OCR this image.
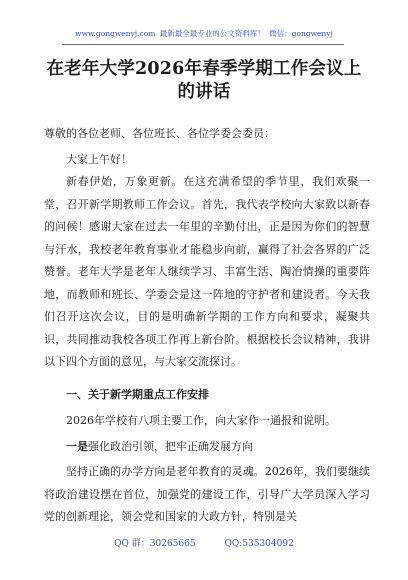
www.gongwenyj.com 最新最全最专业的公文资料库！ 微信：gongwenyj
在老年大学2026年春季学期工作会议上的讲话
尊敬的各位老师、各位班长、各位学委会委员：
大家上午好！
新春伊始，万象更新。在这充满希望的季节里，我们欢聚一堂，召开新学期教师工作会议。首先，我代表学校向大家致以新春的问候！感谢大家在过去一年里的辛勤付出，正是因为你们的智慧与汗水，我校老年教育事业才能稳步向前，赢得了社会各界的广泛赞誉。老年大学是老年人继续学习、丰富生活、陶冶情操的重要阵地，而教师和班长、学委会是这一阵地的守护者和建设者。今天我们召开这次会议，目的是明确新学期的工作方向和要求，凝聚共识，共同推动我校各项工作再上新台阶。根据校长会议精神，我讲以下四个方面的意见，与大家交流探讨。
一、关于新学期重点工作安排
2026年学校有八项主要工作，向大家作一通报和说明。
一是强化政治引领，把牢正确发展方向
坚持正确的办学方向是老年教育的灵魂。2026年，我们要继续将政治建设摆在首位，加强党的建设工作，引导广大学员深入学习党的创新理论，领会党和国家的大政方针，特别是关
QQ 群：30265665	QQ:535304092
